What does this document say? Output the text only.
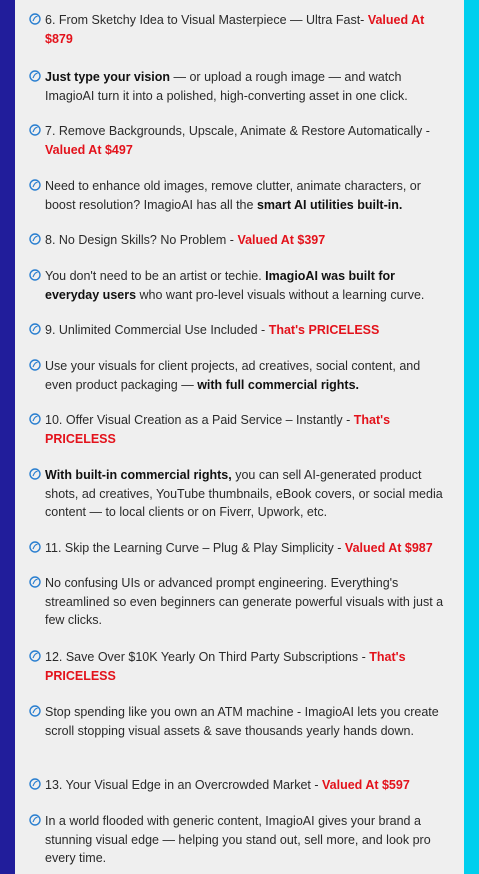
6. From Sketchy Idea to Visual Masterpiece — Ultra Fast- Valued At $879
Just type your vision — or upload a rough image — and watch ImagioAI turn it into a polished, high-converting asset in one click.
7. Remove Backgrounds, Upscale, Animate & Restore Automatically - Valued At $497
Need to enhance old images, remove clutter, animate characters, or boost resolution? ImagioAI has all the smart AI utilities built-in.
8. No Design Skills? No Problem - Valued At $397
You don't need to be an artist or techie. ImagioAI was built for everyday users who want pro-level visuals without a learning curve.
9. Unlimited Commercial Use Included - That's PRICELESS
Use your visuals for client projects, ad creatives, social content, and even product packaging — with full commercial rights.
10. Offer Visual Creation as a Paid Service – Instantly - That's PRICELESS
With built-in commercial rights, you can sell AI-generated product shots, ad creatives, YouTube thumbnails, eBook covers, or social media content — to local clients or on Fiverr, Upwork, etc.
11. Skip the Learning Curve – Plug & Play Simplicity - Valued At $987
No confusing UIs or advanced prompt engineering. Everything's streamlined so even beginners can generate powerful visuals with just a few clicks.
12. Save Over $10K Yearly On Third Party Subscriptions - That's PRICELESS
Stop spending like you own an ATM machine - ImagioAI lets you create scroll stopping visual assets & save thousands yearly hands down.
13. Your Visual Edge in an Overcrowded Market - Valued At $597
In a world flooded with generic content, ImagioAI gives your brand a stunning visual edge — helping you stand out, sell more, and look pro every time.
